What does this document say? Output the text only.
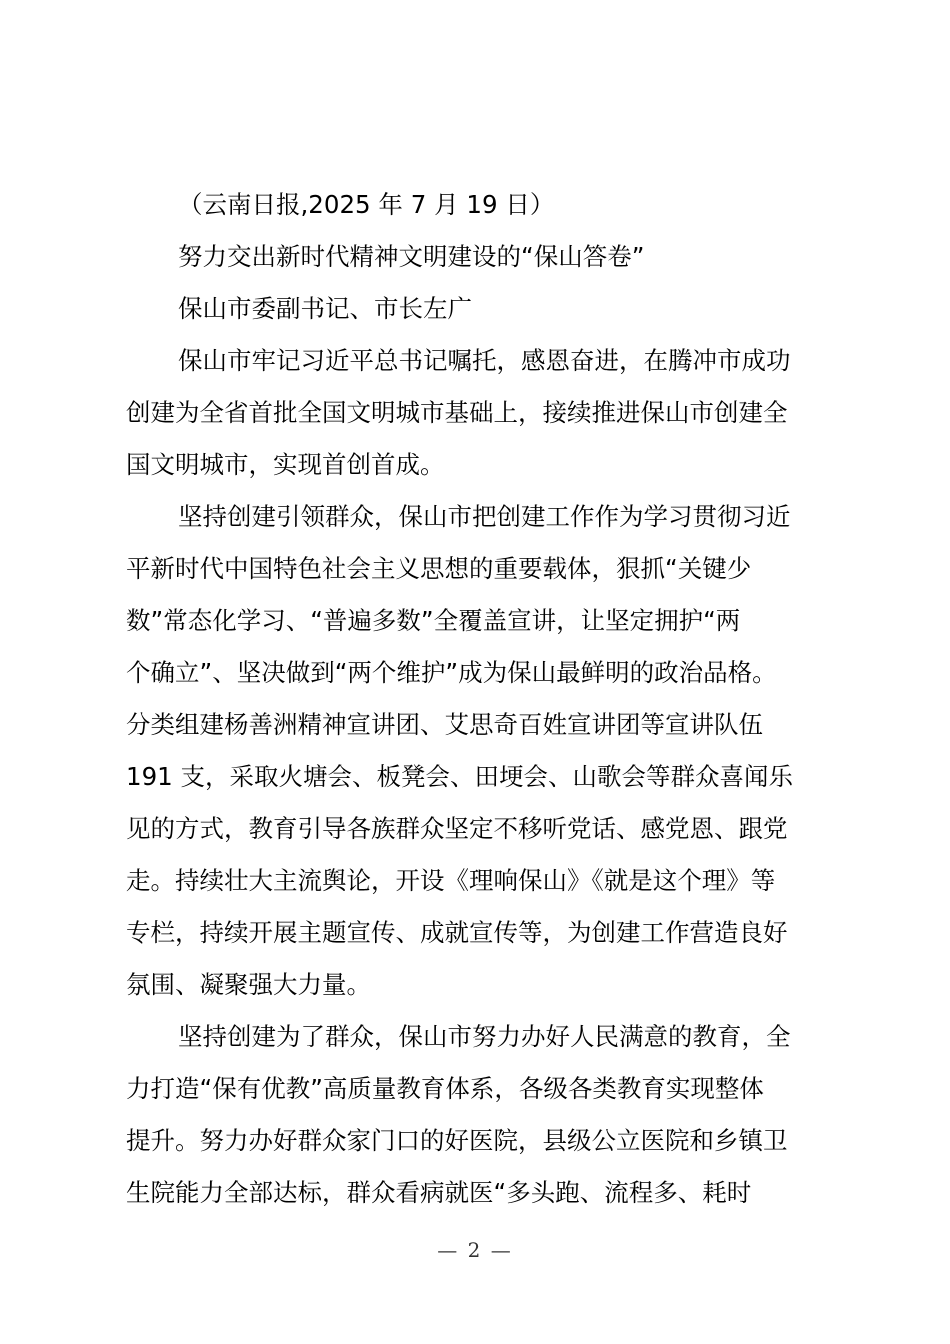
（云南日报,2025 年 7 月 19 日）
努力交出新时代精神文明建设的“保山答卷”
保山市委副书记、市长左广
保山市牢记习近平总书记嘱托，感恩奋进，在腾冲市成功
创建为全省首批全国文明城市基础上，接续推进保山市创建全
国文明城市，实现首创首成。
坚持创建引领群众，保山市把创建工作作为学习贯彻习近
平新时代中国特色社会主义思想的重要载体，狠抓“关键少
数”常态化学习、“普遍多数”全覆盖宣讲，让坚定拥护“两
个确立”、坚决做到“两个维护”成为保山最鲜明的政治品格。
分类组建杨善洲精神宣讲团、艾思奇百姓宣讲团等宣讲队伍
191 支，采取火塘会、板凳会、田埂会、山歌会等群众喜闻乐
见的方式，教育引导各族群众坚定不移听党话、感党恩、跟党
走。持续壮大主流舆论，开设《理响保山》《就是这个理》等
专栏，持续开展主题宣传、成就宣传等，为创建工作营造良好
氛围、凝聚强大力量。
坚持创建为了群众，保山市努力办好人民满意的教育，全
力打造“保有优教”高质量教育体系，各级各类教育实现整体
提升。努力办好群众家门口的好医院，县级公立医院和乡镇卫
生院能力全部达标，群众看病就医“多头跑、流程多、耗时
— 2 —
